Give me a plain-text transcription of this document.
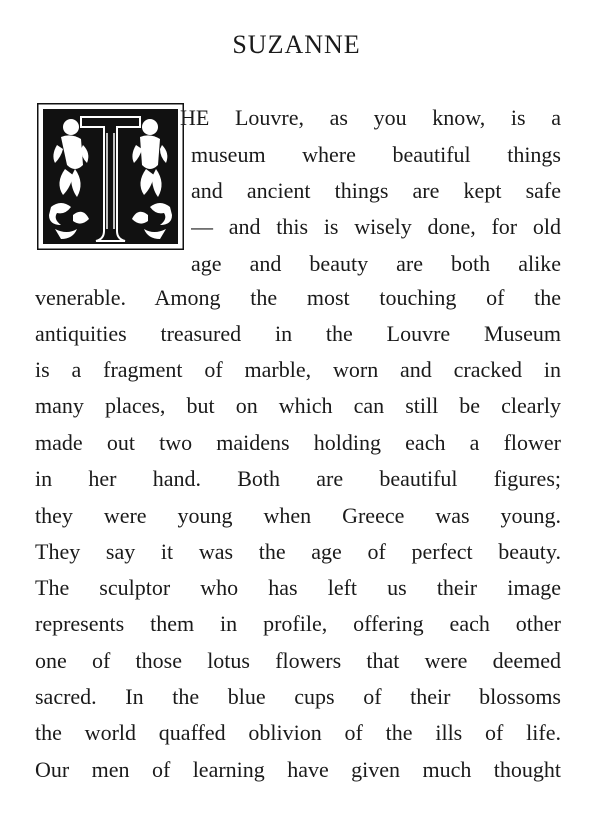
SUZANNE
HE Louvre, as you know, is a
museum where beautiful things
and ancient things are kept safe
— and this is wisely done, for old
age and beauty are both alike
venerable. Among the most touching of the
antiquities treasured in the Louvre Museum
is a fragment of marble, worn and cracked in
many places, but on which can still be clearly
made out two maidens holding each a flower
in her hand. Both are beautiful figures;
they were young when Greece was young.
They say it was the age of perfect beauty.
The sculptor who has left us their image
represents them in profile, offering each other
one of those lotus flowers that were deemed
sacred. In the blue cups of their blossoms
the world quaffed oblivion of the ills of life.
Our men of learning have given much thought
